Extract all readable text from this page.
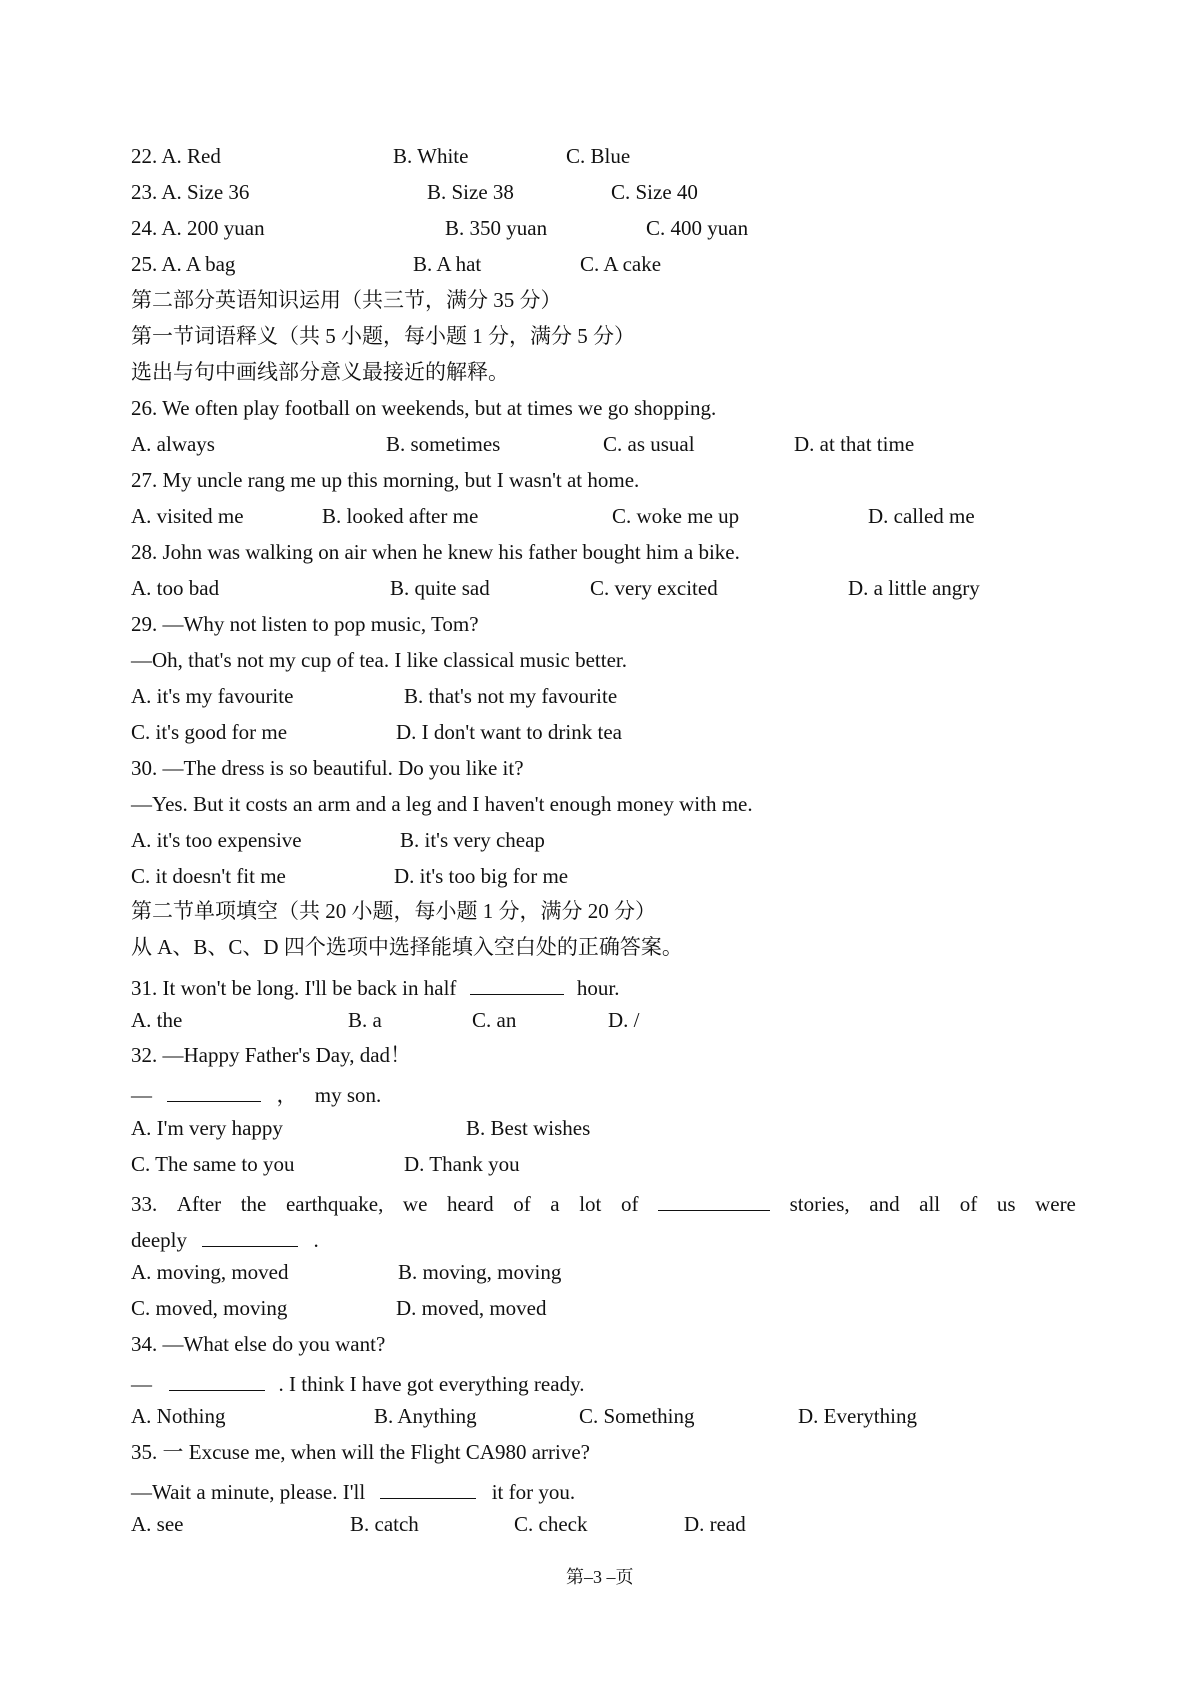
22. A. Red	B. White	C. Blue
23. A. Size 36	B. Size 38	C. Size 40
24. A. 200 yuan	B. 350 yuan	C. 400 yuan
25. A. A bag	B. A hat	C. A cake
第二部分英语知识运用（共三节，满分 35 分）
第一节词语释义（共 5 小题，每小题 1 分，满分 5 分）
选出与句中画线部分意义最接近的解释。
26. We often play football on weekends, but at times we go shopping.
A. always	B. sometimes	C. as usual	D. at that time
27. My uncle rang me up this morning, but I wasn't at home.
A. visited me	B. looked after me	C. woke me up	D. called me
28. John was walking on air when he knew his father bought him a bike.
A. too bad	B. quite sad	C. very excited	D. a little angry
29. —Why not listen to pop music, Tom?
—Oh, that's not my cup of tea. I like classical music better.
A. it's my favourite	B. that's not my favourite
C. it's good for me	D. I don't want to drink tea
30. —The dress is so beautiful. Do you like it?
—Yes. But it costs an arm and a leg and I haven't enough money with me.
A. it's too expensive	B. it's very cheap
C. it doesn't fit me	D. it's too big for me
第二节单项填空（共 20 小题，每小题 1 分，满分 20 分）
从 A、B、C、D 四个选项中选择能填入空白处的正确答案。
31. It won't be long. I'll be back in half	hour.
A. the	B. a	C. an	D. /
32. —Happy Father's Day, dad！
—	， my son.
A. I'm very happy	B. Best wishes
C. The same to you	D. Thank you
33. After the earthquake, we heard of a lot of	stories, and all of us were
deeply	.
A. moving, moved	B. moving, moving
C. moved, moving	D. moved, moved
34. —What else do you want?
—	. I think I have got everything ready.
A. Nothing	B. Anything	C. Something	D. Everything
35. 一 Excuse me, when will the Flight CA980 arrive?
—Wait a minute, please. I'll	it for you.
A. see	B. catch	C. check	D. read
第–3 –页
